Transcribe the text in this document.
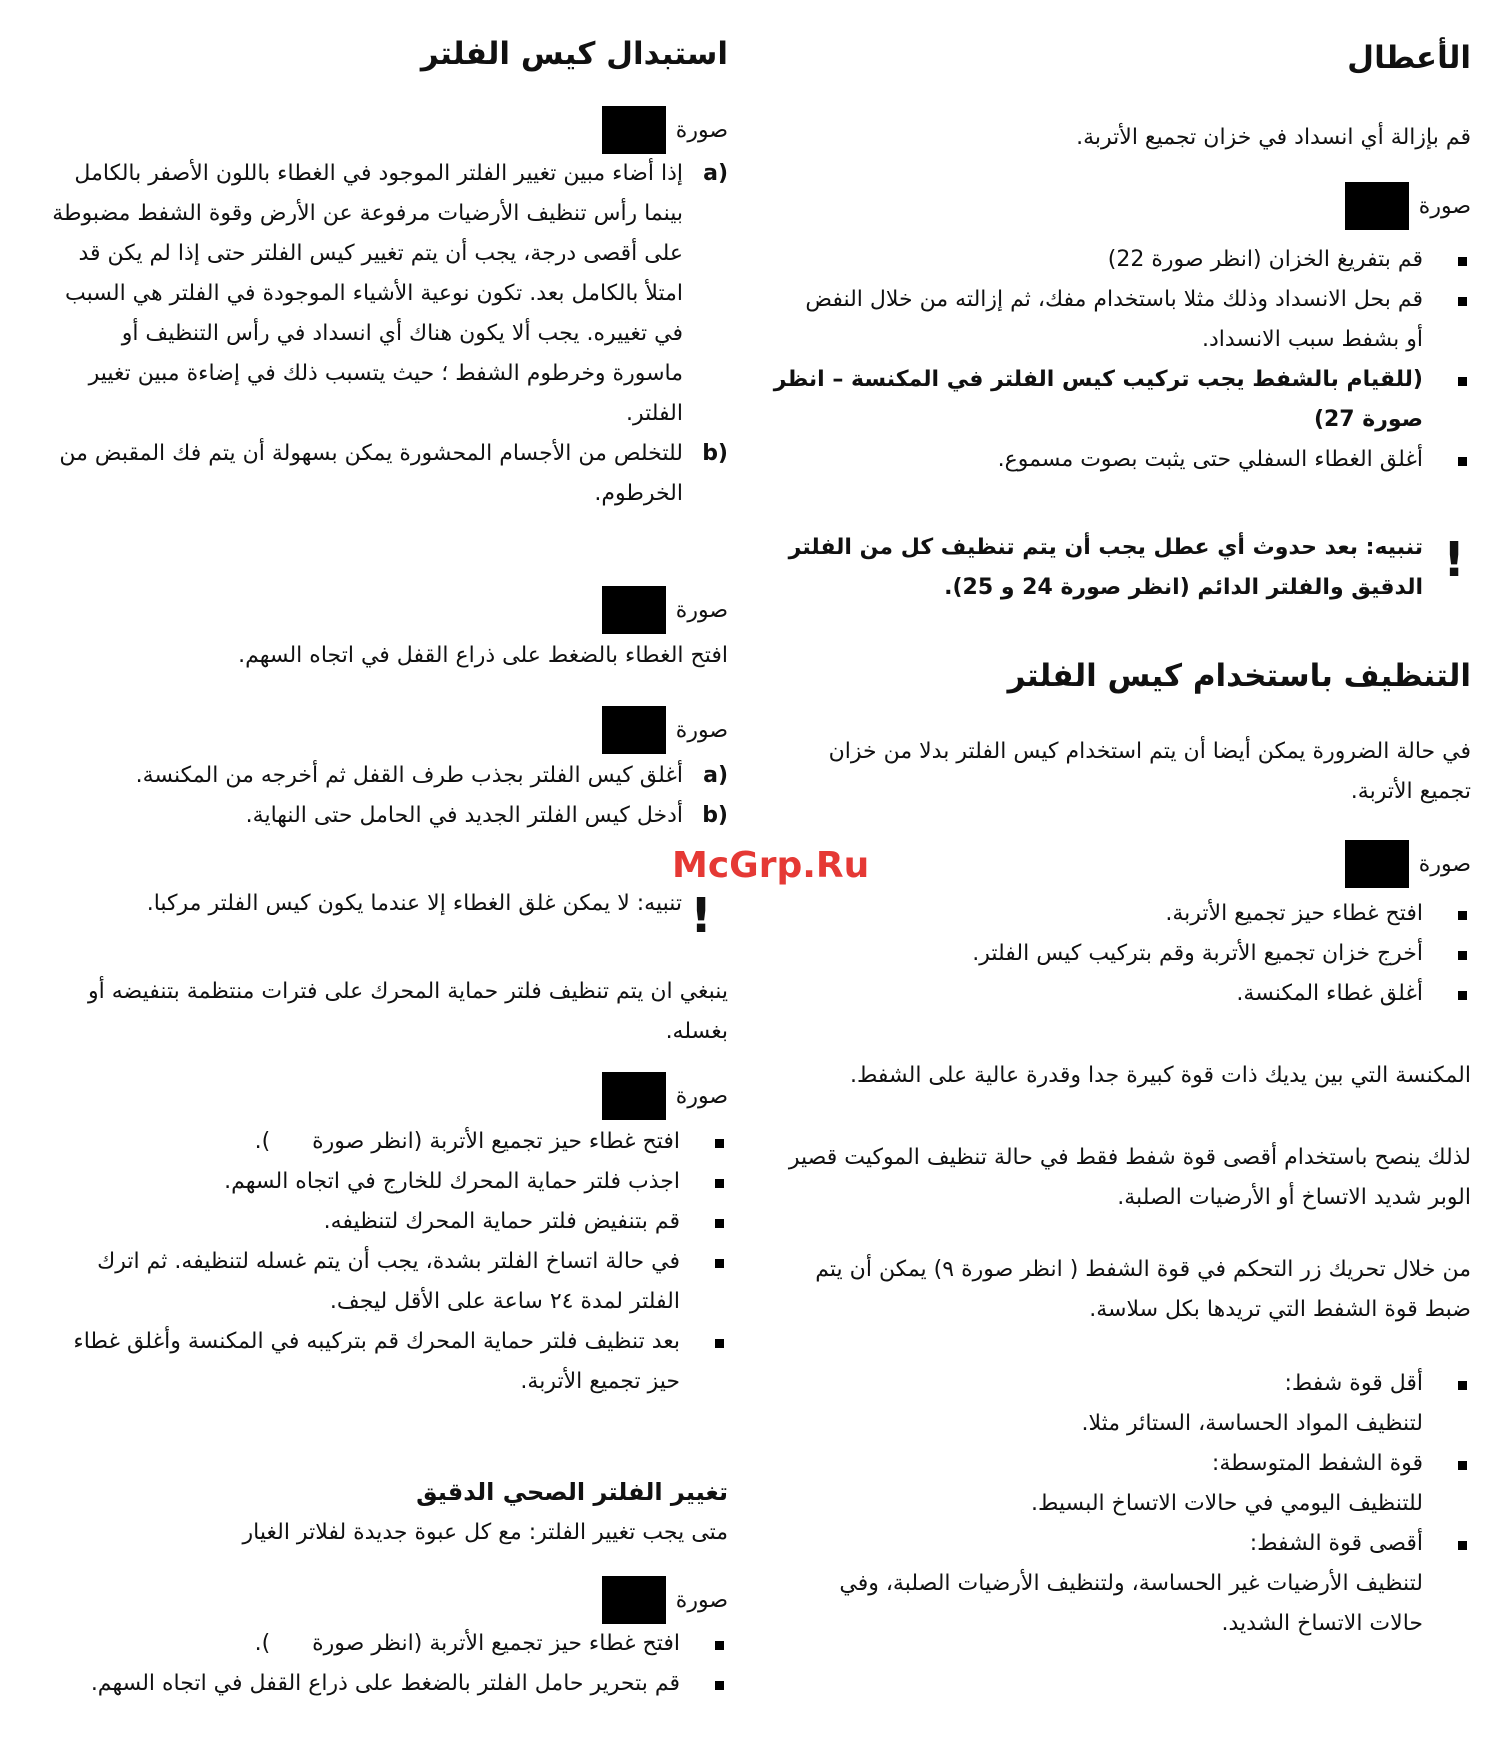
الأعطال

قم بإزالة أي انسداد في خزان تجميع الأتربة.

صورة
قم بتفريغ الخزان (انظر صورة 22)
قم بحل الانسداد وذلك مثلا باستخدام مفك، ثم إزالته من خلال النفض أو بشفط سبب الانسداد.
(للقيام بالشفط يجب تركيب كيس الفلتر في المكنسة – انظر صورة 27)
أغلق الغطاء السفلي حتى يثبت بصوت مسموع.
!

تنبيه: بعد حدوث أي عطل يجب أن يتم تنظيف كل من الفلتر الدقيق والفلتر الدائم (انظر صورة 24 و 25).

التنظيف باستخدام كيس الفلتر

في حالة الضرورة يمكن أيضا أن يتم استخدام كيس الفلتر بدلا من خزان تجميع الأتربة.

صورة
افتح غطاء حيز تجميع الأتربة.
أخرج خزان تجميع الأتربة وقم بتركيب كيس الفلتر.
أغلق غطاء المكنسة.

المكنسة التي بين يديك ذات قوة كبيرة جدا وقدرة عالية على الشفط.

لذلك ينصح باستخدام أقصى قوة شفط فقط في حالة تنظيف الموكيت قصير الوبر شديد الاتساخ أو الأرضيات الصلبة.

من خلال تحريك زر التحكم في قوة الشفط ( انظر صورة ٩) يمكن أن يتم ضبط قوة الشفط التي تريدها بكل سلاسة.

أقل قوة شفط:
لتنظيف المواد الحساسة، الستائر مثلا.
قوة الشفط المتوسطة:
للتنظيف اليومي في حالات الاتساخ البسيط.
أقصى قوة الشفط:
لتنظيف الأرضيات غير الحساسة، ولتنظيف الأرضيات الصلبة، وفي حالات الاتساخ الشديد.
استبدال كيس الفلتر
صورة
a)
إذا أضاء مبين تغيير الفلتر الموجود في الغطاء باللون الأصفر بالكامل بينما رأس تنظيف الأرضيات مرفوعة عن الأرض وقوة الشفط مضبوطة على أقصى درجة، يجب أن يتم تغيير كيس الفلتر حتى إذا لم يكن قد امتلأ بالكامل بعد. تكون نوعية الأشياء الموجودة في الفلتر هي السبب في تغييره. يجب ألا يكون هناك أي انسداد في رأس التنظيف أو ماسورة وخرطوم الشفط ؛ حيث يتسبب ذلك في إضاءة مبين تغيير الفلتر.
b)
للتخلص من الأجسام المحشورة يمكن بسهولة أن يتم فك المقبض من الخرطوم.
صورة

افتح الغطاء بالضغط على ذراع القفل في اتجاه السهم.

صورة
a)
أغلق كيس الفلتر بجذب طرف القفل ثم أخرجه من المكنسة.
b)
أدخل كيس الفلتر الجديد في الحامل حتى النهاية.
!

تنبيه: لا يمكن غلق الغطاء إلا عندما يكون كيس الفلتر مركبا.

ينبغي ان يتم تنظيف فلتر حماية المحرك على فترات منتظمة بتنفيضه أو بغسله.

صورة
افتح غطاء حيز تجميع الأتربة (انظر صورة      ).
اجذب فلتر حماية المحرك للخارج في اتجاه السهم.
قم بتنفيض فلتر حماية المحرك لتنظيفه.
في حالة اتساخ الفلتر بشدة، يجب أن يتم غسله لتنظيفه. ثم اترك الفلتر لمدة ٢٤ ساعة على الأقل ليجف.
بعد تنظيف فلتر حماية المحرك قم بتركيبه في المكنسة وأغلق غطاء حيز تجميع الأتربة.
تغيير الفلتر الصحي الدقيق

متى يجب تغيير الفلتر: مع كل عبوة جديدة لفلاتر الغيار

صورة
افتح غطاء حيز تجميع الأتربة (انظر صورة      ).
قم بتحرير حامل الفلتر بالضغط على ذراع القفل في اتجاه السهم.
McGrp.Ru
